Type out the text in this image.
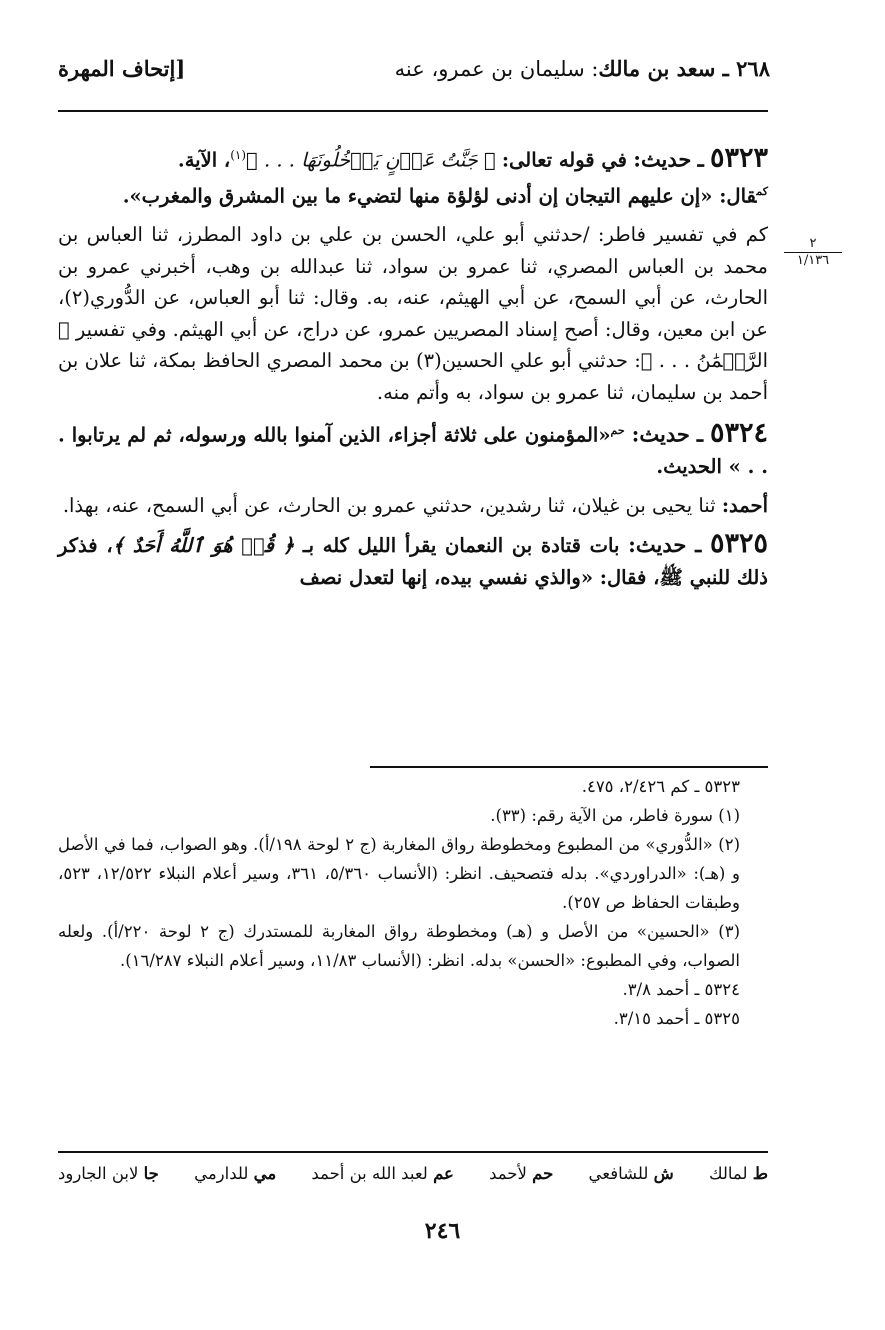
٢٦٨ ـ سعد بن مالك: سليمان بن عمرو، عنه
[إتحاف المهرة
٢
١/١٣٦

٥٣٢٣ ـ حديث: في قوله تعالى: ﴿ جَنَّتُ عَدۡنٍ يَدۡخُلُونَهَا . . . ﴾$^{(١)}$، الآية.

$^{كم}$قال: «إن عليهم التيجان إن أدنى لؤلؤة منها لتضيء ما بين المشرق والمغرب».

كم في تفسير فاطر: /حدثني أبو علي، الحسن بن علي بن داود المطرز، ثنا العباس بن محمد بن العباس المصري، ثنا عمرو بن سواد، ثنا عبدالله بن وهب، أخبرني عمرو بن الحارث، عن أبي السمح، عن أبي الهيثم، عنه، به. وقال: ثنا أبو العباس، عن الدُّوري(٢)، عن ابن معين، وقال: أصح إسناد المصريين عمرو، عن دراج، عن أبي الهيثم. وفي تفسير ﴿ الرَّحۡمَٰنُ . . . ﴾: حدثني أبو علي الحسين(٣) بن محمد المصري الحافظ بمكة، ثنا علان بن أحمد بن سليمان، ثنا عمرو بن سواد، به وأتم منه.

٥٣٢٤ ـ حديث: $^{حم}$«المؤمنون على ثلاثة أجزاء، الذين آمنوا بالله ورسوله، ثم لم يرتابوا . . . » الحديث.

أحمد: ثنا يحيى بن غيلان، ثنا رشدين، حدثني عمرو بن الحارث، عن أبي السمح، عنه، بهذا.

٥٣٢٥ ـ حديث: بات قتادة بن النعمان يقرأ الليل كله بـ ﴿ قُلۡ هُوَ ٱللَّهُ أَحَدٌ ﴾، فذكر ذلك للنبي ﷺ، فقال: «والذي نفسي بيده، إنها لتعدل نصف

٥٣٢٣ ـ كم ٢/٤٢٦، ٤٧٥.

(١) سورة فاطر، من الآية رقم: (٣٣).

(٢) «الدُّوري» من المطبوع ومخطوطة رواق المغاربة (ج ٢ لوحة ١٩٨/أ). وهو الصواب، فما في الأصل و (هـ): «الدراوردي». بدله فتصحيف. انظر: (الأنساب ٥/٣٦٠، ٣٦١، وسير أعلام النبلاء ١٢/٥٢٢، ٥٢٣، وطبقات الحفاظ ص ٢٥٧).

(٣) «الحسين» من الأصل و (هـ) ومخطوطة رواق المغاربة للمستدرك (ج ٢ لوحة ٢٢٠/أ). ولعله الصواب، وفي المطبوع: «الحسن» بدله. انظر: (الأنساب ١١/٨٣، وسير أعلام النبلاء ١٦/٢٨٧).

٥٣٢٤ ـ أحمد ٣/٨.

٥٣٢٥ ـ أحمد ٣/١٥.

ط لمالك
ش للشافعي
حم لأحمد
عم لعبد الله بن أحمد
مي للدارمي
جا لابن الجارود
٢٤٦
